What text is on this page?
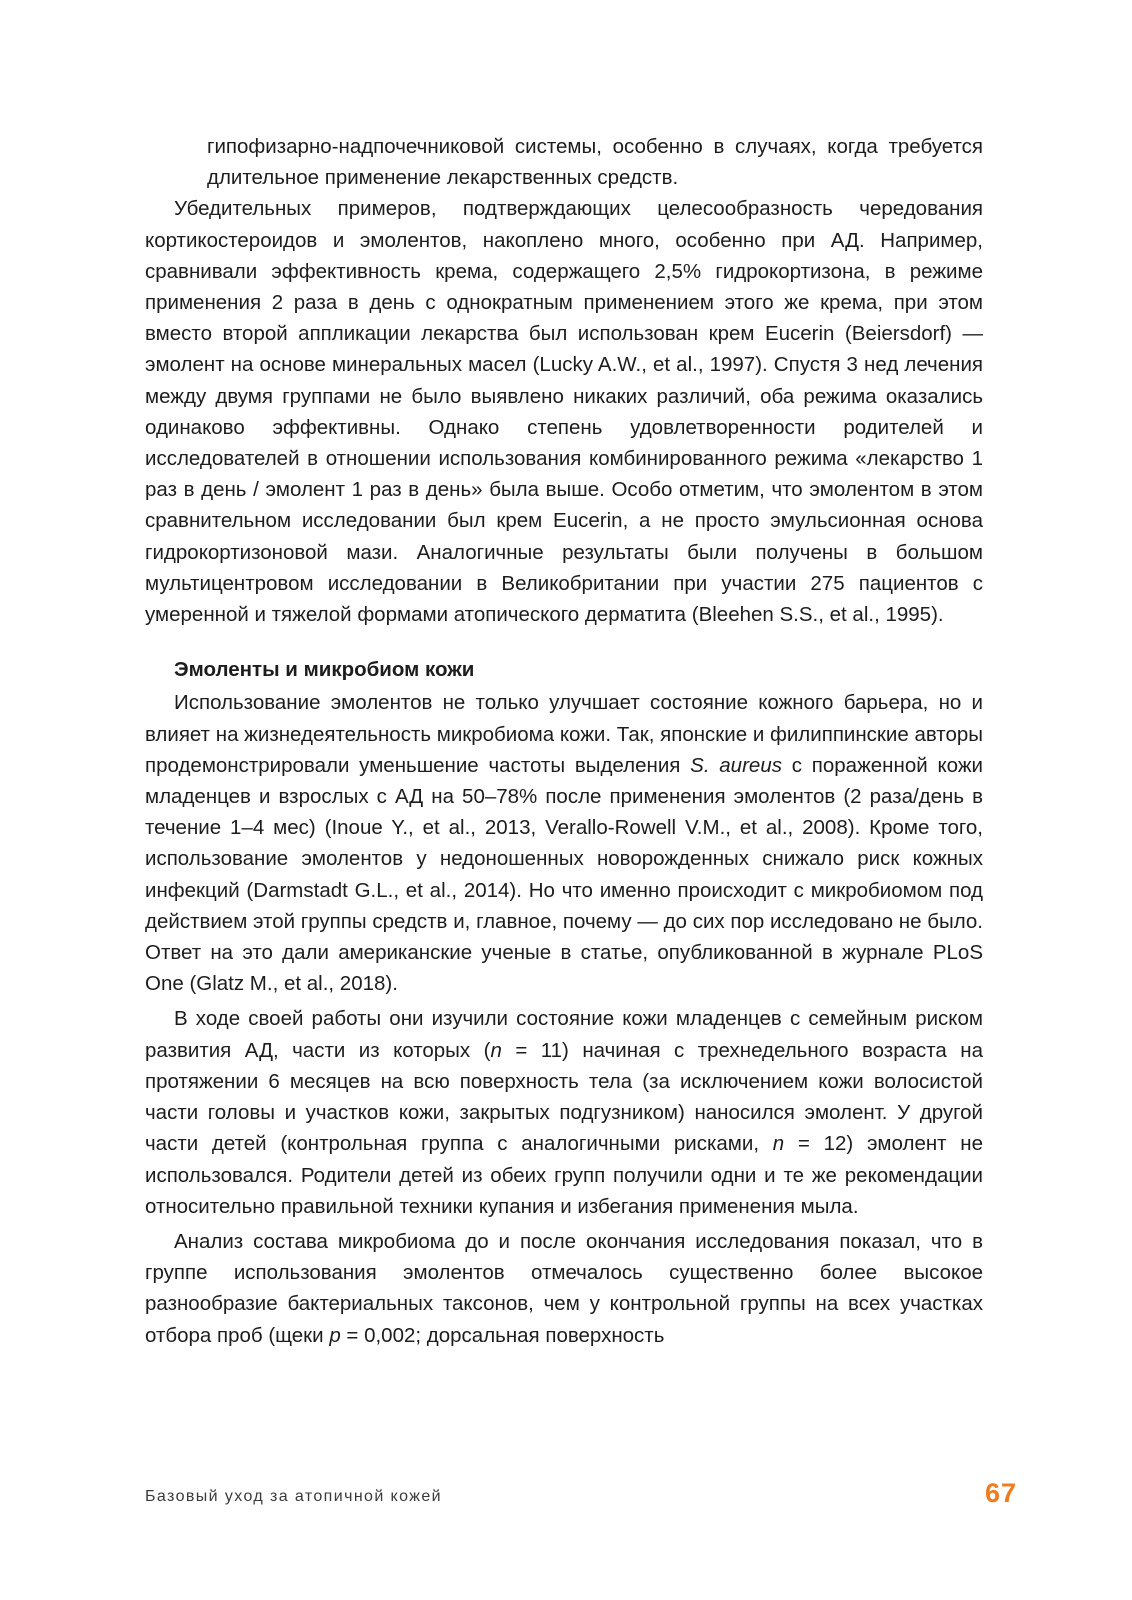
гипофизарно-надпочечниковой системы, особенно в случаях, когда требуется длительное применение лекарственных средств.

Убедительных примеров, подтверждающих целесообразность чередования кортикостероидов и эмолентов, накоплено много, особенно при АД. Например, сравнивали эффективность крема, содержащего 2,5% гидрокортизона, в режиме применения 2 раза в день с однократным применением этого же крема, при этом вместо второй аппликации лекарства был использован крем Eucerin (Beiersdorf) — эмолент на основе минеральных масел (Lucky A.W., et al., 1997). Спустя 3 нед лечения между двумя группами не было выявлено никаких различий, оба режима оказались одинаково эффективны. Однако степень удовлетворенности родителей и исследователей в отношении использования комбинированного режима «лекарство 1 раз в день / эмолент 1 раз в день» была выше. Особо отметим, что эмолентом в этом сравнительном исследовании был крем Eucerin, а не просто эмульсионная основа гидрокортизоновой мази. Аналогичные результаты были получены в большом мультицентровом исследовании в Великобритании при участии 275 пациентов с умеренной и тяжелой формами атопического дерматита (Bleehen S.S., et al., 1995).

Эмоленты и микробиом кожи

Использование эмолентов не только улучшает состояние кожного барьера, но и влияет на жизнедеятельность микробиома кожи. Так, японские и филиппинские авторы продемонстрировали уменьшение частоты выделения S. aureus с пораженной кожи младенцев и взрослых с АД на 50–78% после применения эмолентов (2 раза/день в течение 1–4 мес) (Inoue Y., et al., 2013, Verallo-Rowell V.M., et al., 2008). Кроме того, использование эмолентов у недоношенных новорожденных снижало риск кожных инфекций (Darmstadt G.L., et al., 2014). Но что именно происходит с микробиомом под действием этой группы средств и, главное, почему — до сих пор исследовано не было. Ответ на это дали американские ученые в статье, опубликованной в журнале PLoS One (Glatz M., et al., 2018).

В ходе своей работы они изучили состояние кожи младенцев с семейным риском развития АД, части из которых (n = 11) начиная с трехнедельного возраста на протяжении 6 месяцев на всю поверхность тела (за исключением кожи волосистой части головы и участков кожи, закрытых подгузником) наносился эмолент. У другой части детей (контрольная группа с аналогичными рисками, n = 12) эмолент не использовался. Родители детей из обеих групп получили одни и те же рекомендации относительно правильной техники купания и избегания применения мыла.

Анализ состава микробиома до и после окончания исследования показал, что в группе использования эмолентов отмечалось существенно более высокое разнообразие бактериальных таксонов, чем у контрольной группы на всех участках отбора проб (щеки p = 0,002; дорсальная поверхность

Базовый уход за атопичной кожей	67
